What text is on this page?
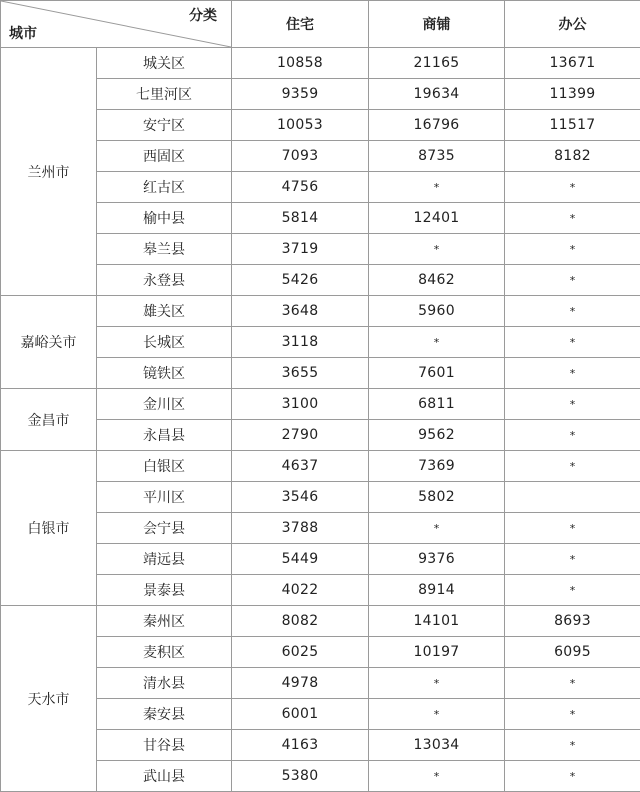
分类
城市		住宅	商铺	办公
兰州市	城关区	10858	21165	13671
	七里河区	9359	19634	11399
	安宁区	10053	16796	11517
	西固区	7093	8735	8182
	红古区	4756	*	*
	榆中县	5814	12401	*
	皋兰县	3719	*	*
	永登县	5426	8462	*
嘉峪关市	雄关区	3648	5960	*
	长城区	3118	*	*
	镜铁区	3655	7601	*
金昌市	金川区	3100	6811	*
	永昌县	2790	9562	*
白银市	白银区	4637	7369	*
	平川区	3546	5802	
	会宁县	3788	*	*
	靖远县	5449	9376	*
	景泰县	4022	8914	*
天水市	秦州区	8082	14101	8693
	麦积区	6025	10197	6095
	清水县	4978	*	*
	秦安县	6001	*	*
	甘谷县	4163	13034	*
	武山县	5380	*	*
